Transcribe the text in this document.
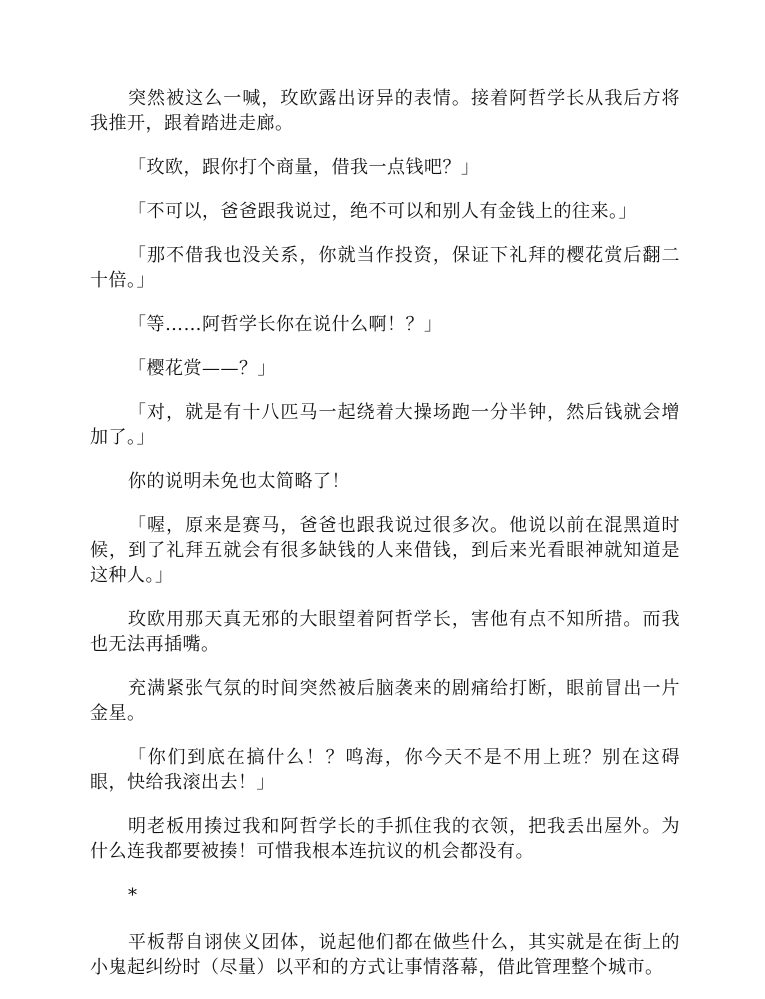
突然被这么一喊，玫欧露出讶异的表情。接着阿哲学长从我后方将我推开，跟着踏进走廊。

「玫欧，跟你打个商量，借我一点钱吧？」

「不可以，爸爸跟我说过，绝不可以和别人有金钱上的往来。」

「那不借我也没关系，你就当作投资，保证下礼拜的樱花赏后翻二十倍。」

「等……阿哲学长你在说什么啊！？」

「樱花赏——？」

「对，就是有十八匹马一起绕着大操场跑一分半钟，然后钱就会增加了。」

你的说明未免也太简略了！

「喔，原来是赛马，爸爸也跟我说过很多次。他说以前在混黑道时候，到了礼拜五就会有很多缺钱的人来借钱，到后来光看眼神就知道是这种人。」

玫欧用那天真无邪的大眼望着阿哲学长，害他有点不知所措。而我也无法再插嘴。

充满紧张气氛的时间突然被后脑袭来的剧痛给打断，眼前冒出一片金星。

「你们到底在搞什么！？鸣海，你今天不是不用上班？别在这碍眼，快给我滚出去！」

明老板用揍过我和阿哲学长的手抓住我的衣领，把我丢出屋外。为什么连我都要被揍！可惜我根本连抗议的机会都没有。

*

平板帮自诩侠义团体，说起他们都在做些什么，其实就是在街上的小鬼起纠纷时（尽量）以平和的方式让事情落幕，借此管理整个城市。
